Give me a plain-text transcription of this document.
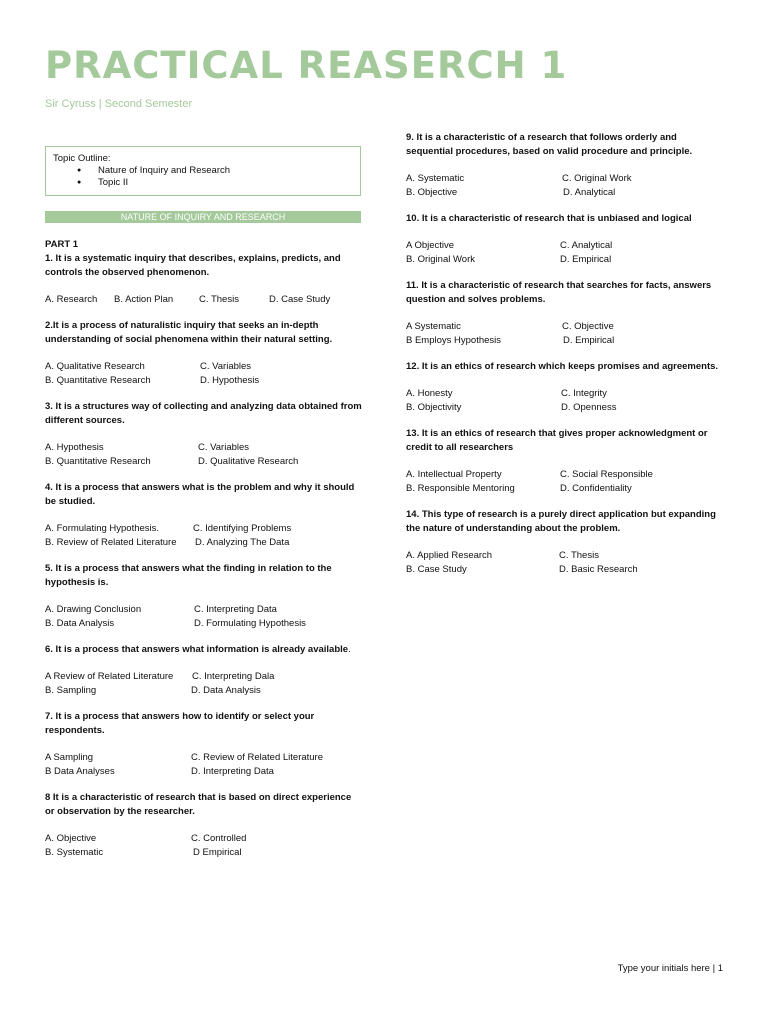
PRACTICAL REASERCH 1
Sir Cyruss | Second Semester
Topic Outline:
● Nature of Inquiry and Research
● Topic II
NATURE OF INQUIRY AND RESEARCH
PART 1

1. It is a systematic inquiry that describes, explains, predicts, and controls the observed phenomenon.

A. Research	B. Action Plan	C. Thesis	D. Case Study

2.It is a process of naturalistic inquiry that seeks an in-depth understanding of social phenomena within their natural setting.

A. Qualitative Research	C. Variables
B. Quantitative Research	D. Hypothesis

3. It is a structures way of collecting and analyzing data obtained from different sources.

A. Hypothesis	C. Variables
B. Quantitative Research	D. Qualitative Research

4. It is a process that answers what is the problem and why it should be studied.

A. Formulating Hypothesis.	C. Identifying Problems
B. Review of Related Literature	D. Analyzing The Data

5. It is a process that answers what the finding in relation to the hypothesis is.

A. Drawing Conclusion	C. Interpreting Data
B. Data Analysis	D. Formulating Hypothesis

6. It is a process that answers what information is already available.

A Review of Related Literature	C. Interpreting Dala
B. Sampling	D. Data Analysis

7. It is a process that answers how to identify or select your respondents.

A Sampling	C. Review of Related Literature
B Data Analyses	D. Interpreting Data

8 It is a characteristic of research that is based on direct experience or observation by the researcher.

A. Objective	C. Controlled
B. Systematic	D Empirical

9. It is a characteristic of a research that follows orderly and sequential procedures, based on valid procedure and principle.

A. Systematic	C. Original Work
B. Objective	D. Analytical

10. It is a characteristic of research that is unbiased and logical

A Objective	C. Analytical
B. Original Work	D. Empirical

11. It is a characteristic of research that searches for facts, answers question and solves problems.

A Systematic	C. Objective
B Employs Hypothesis	D. Empirical

12. It is an ethics of research which keeps promises and agreements.

A. Honesty	C. Integrity
B. Objectivity	D. Openness

13. It is an ethics of research that gives proper acknowledgment or credit to all researchers

A. Intellectual Property	C. Social Responsible
B. Responsible Mentoring	D. Confidentiality

14. This type of research is a purely direct application but expanding the nature of understanding about the problem.

A. Applied Research	C. Thesis
B. Case Study	D. Basic Research
Type your initials here | 1
